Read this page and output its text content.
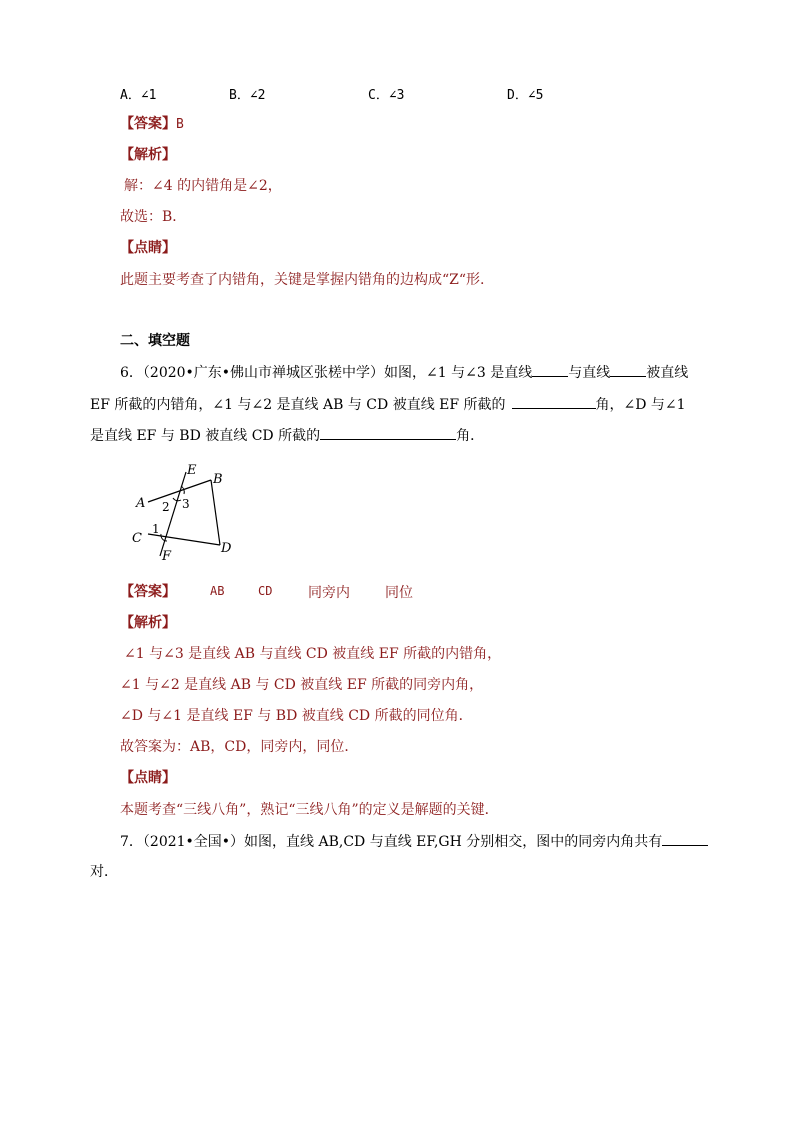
A．∠1	B．∠2	C．∠3	D．∠5
【答案】B
【解析】
解：∠4 的内错角是∠2，
故选：B．
【点睛】
此题主要考查了内错角，关键是掌握内错角的边构成“Z“形.
二、填空题
6．（2020•广东•佛山市禅城区张槎中学）如图，∠1 与∠3 是直线	与直线	被直线
EF 所截的内错角，∠1 与∠2 是直线 AB 与 CD 被直线 EF 所截的	角，∠D 与∠1
是直线 EF 与 BD 被直线 CD 所截的	角．
E
B
A 2 3
1
C
F
D
【答案】	AB	CD	同旁内	同位
【解析】
∠1 与∠3 是直线 AB 与直线 CD 被直线 EF 所截的内错角，
∠1 与∠2 是直线 AB 与 CD 被直线 EF 所截的同旁内角，
∠D 与∠1 是直线 EF 与 BD 被直线 CD 所截的同位角．
故答案为：AB，CD，同旁内，同位．
【点睛】
本题考查“三线八角”，熟记“三线八角”的定义是解题的关键．
7．（2021•全国•）如图，直线 AB,CD 与直线 EF,GH 分别相交，图中的同旁内角共有
对．
